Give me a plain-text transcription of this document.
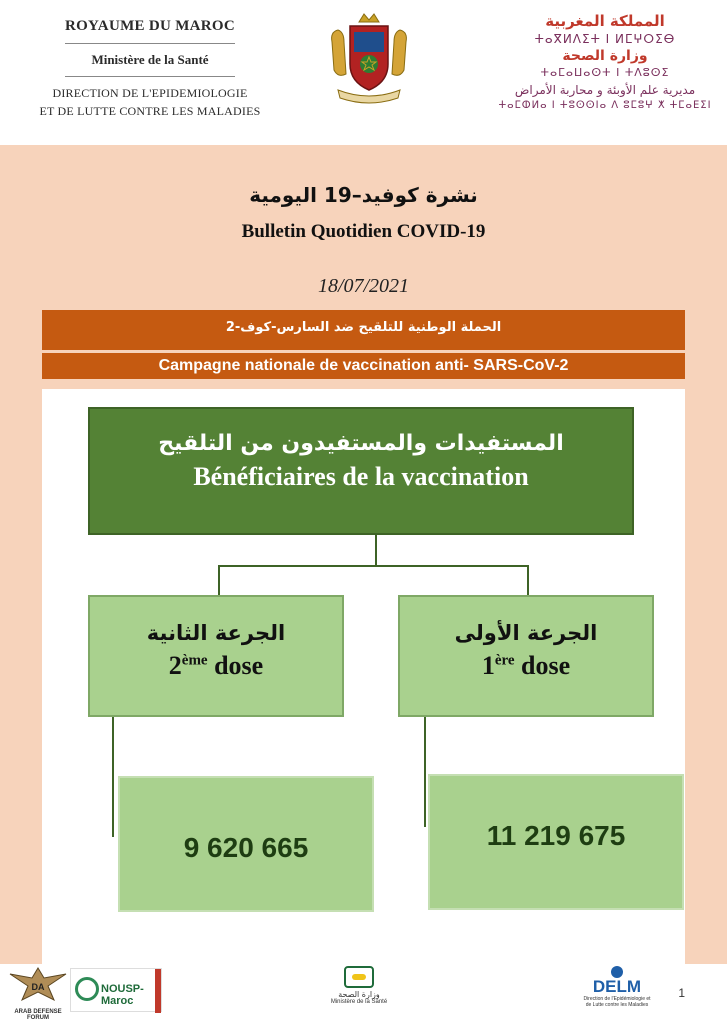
ROYAUME DU MAROC
Ministère de la Santé
DIRECTION DE L'EPIDEMIOLOGIE
ET DE LUTTE CONTRE LES MALADIES
المملكة المغربية
ⵜⴰⴳⵍⴷⵉⵜ ⵏ ⵍⵎⵖⵔⵉⴱ
وزارة الصحة
ⵜⴰⵎⴰⵡⴰⵙⵜ ⵏ ⵜⴷⵓⵙⵉ
مديرية علم الأوبئة و محاربة الأمراض
ⵜⴰⵎⵀⵍⴰ ⵏ ⵜⵓⵙⵙⵏⴰ ⴷ ⵓⵎⵓⵖ ⵅ ⵜⵎⴰⴹⵉⵏ
نشرة كوفيد–19 اليومية
Bulletin Quotidien COVID-19
18/07/2021
الحملة الوطنية للتلقيح ضد السارس-كوف-2
Campagne nationale de vaccination anti- SARS-CoV-2
المستفيدات والمستفيدون من التلقيح
Bénéficiaires de la vaccination
الجرعة الثانية
2ème dose
الجرعة الأولى
1ère dose
9 620 665	11 219 675
DA
ARAB DEFENSE FORUM
NOUSP-Maroc
وزارة الصحة
Ministère de la Santé
DELM
Direction de l'Epidémiologie et de Lutte contre les Maladies
1
